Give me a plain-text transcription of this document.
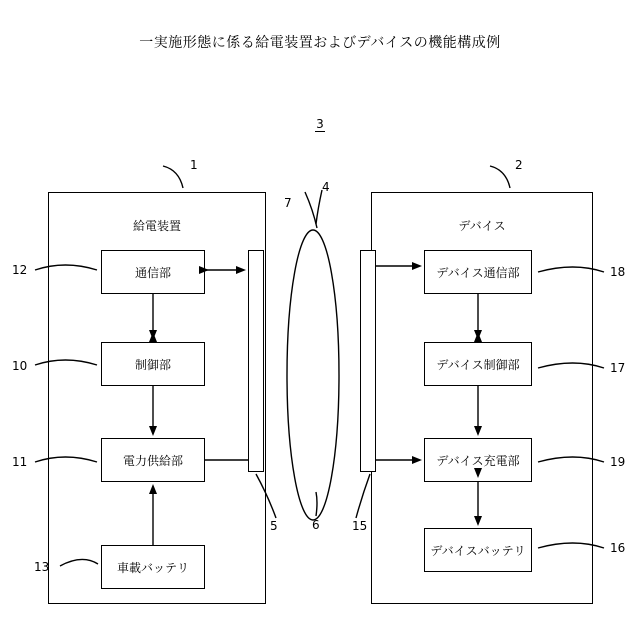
一実施形態に係る給電装置およびデバイスの機能構成例
3
給電装置	デバイス
通信部
制御部
電力供給部
車載バッテリ
デバイス通信部
デバイス制御部
デバイス充電部
デバイスバッテリ
1	2
7
4
6
5	15
12
10
11
13
18
17
19
16
